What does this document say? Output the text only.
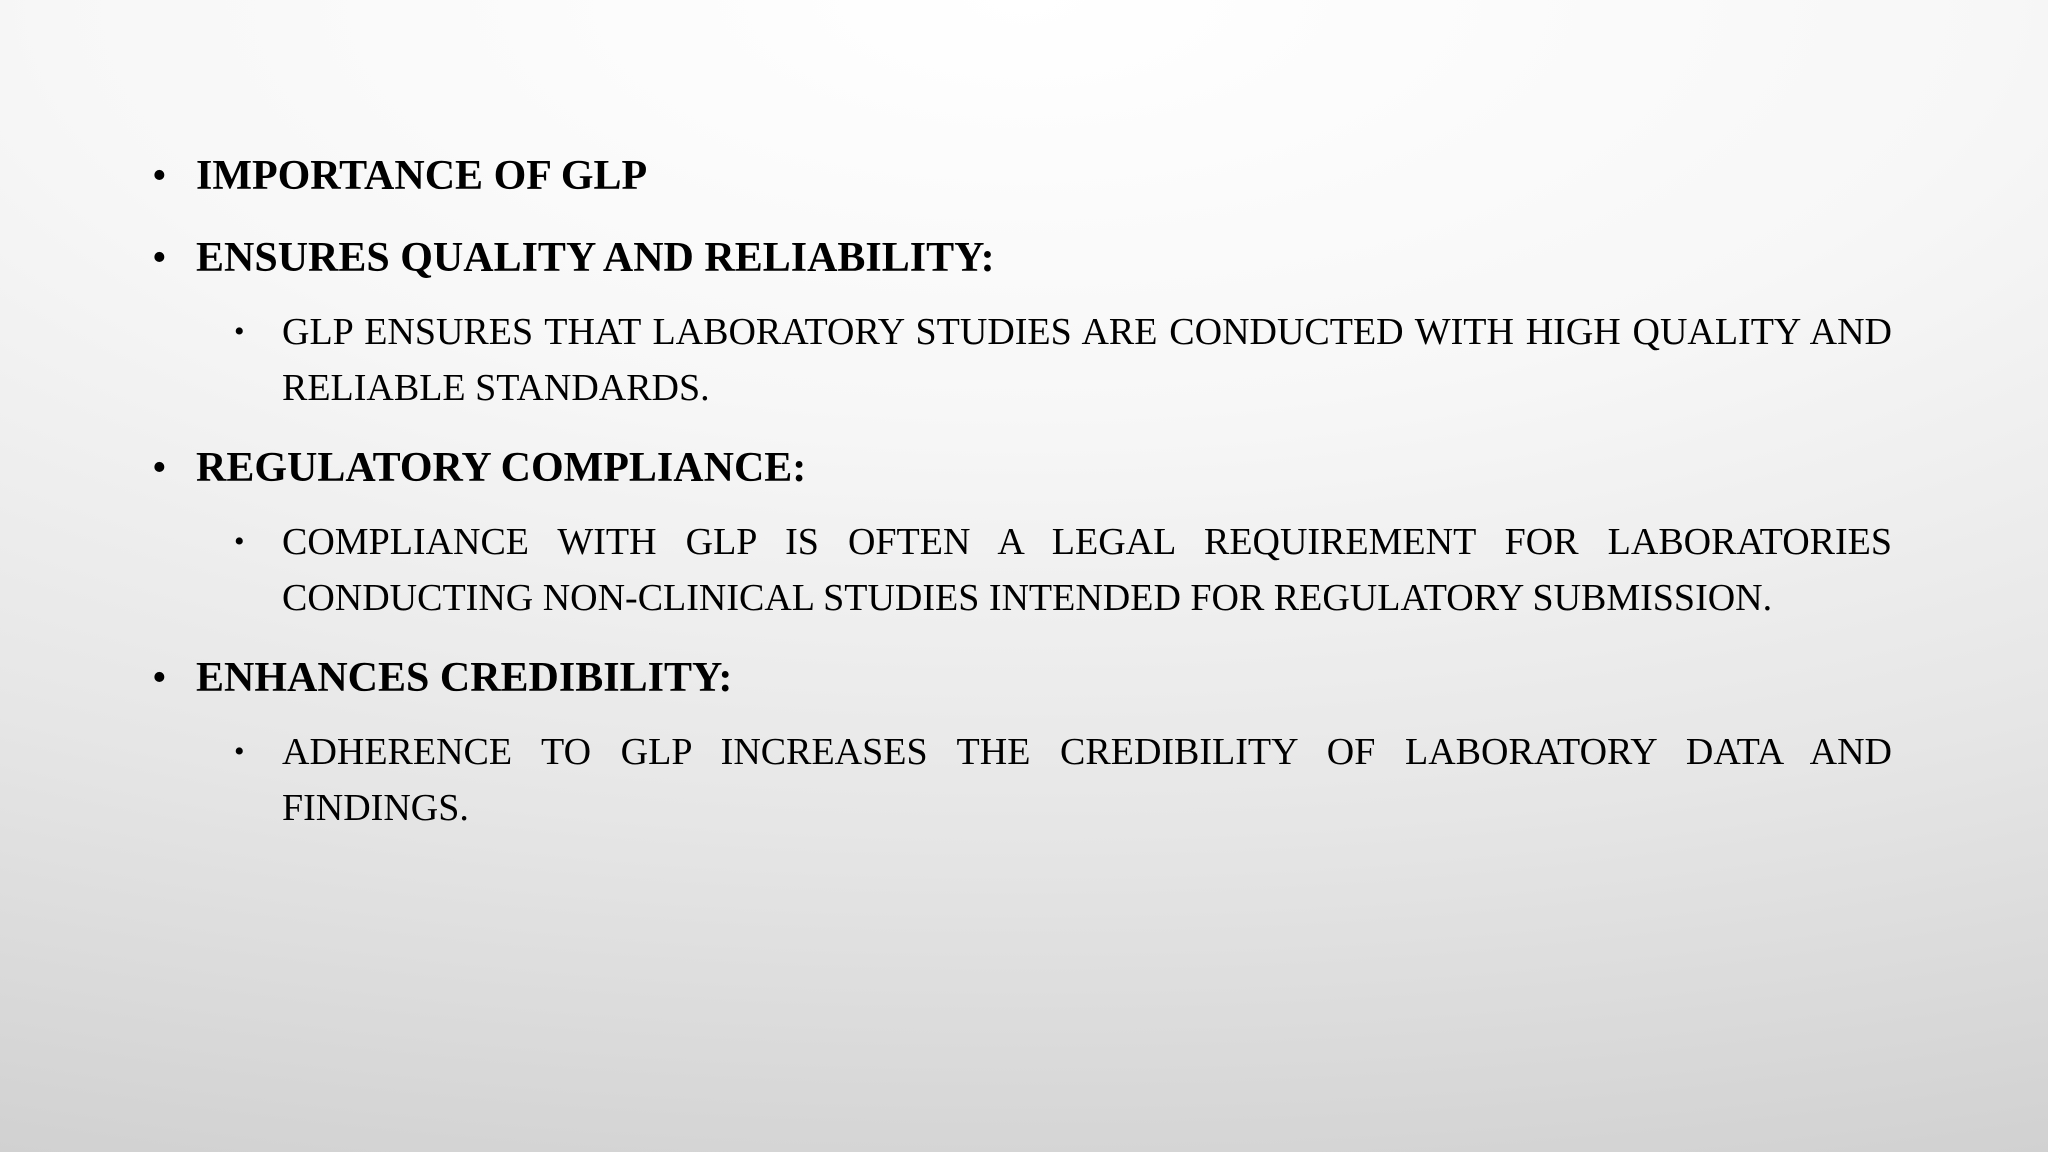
• IMPORTANCE OF GLP
• ENSURES QUALITY AND RELIABILITY:
• GLP ENSURES THAT LABORATORY STUDIES ARE CONDUCTED WITH HIGH QUALITY AND RELIABLE STANDARDS.
• REGULATORY COMPLIANCE:
• COMPLIANCE WITH GLP IS OFTEN A LEGAL REQUIREMENT FOR LABORATORIES CONDUCTING NON-CLINICAL STUDIES INTENDED FOR REGULATORY SUBMISSION.
• ENHANCES CREDIBILITY:
• ADHERENCE TO GLP INCREASES THE CREDIBILITY OF LABORATORY DATA AND FINDINGS.
